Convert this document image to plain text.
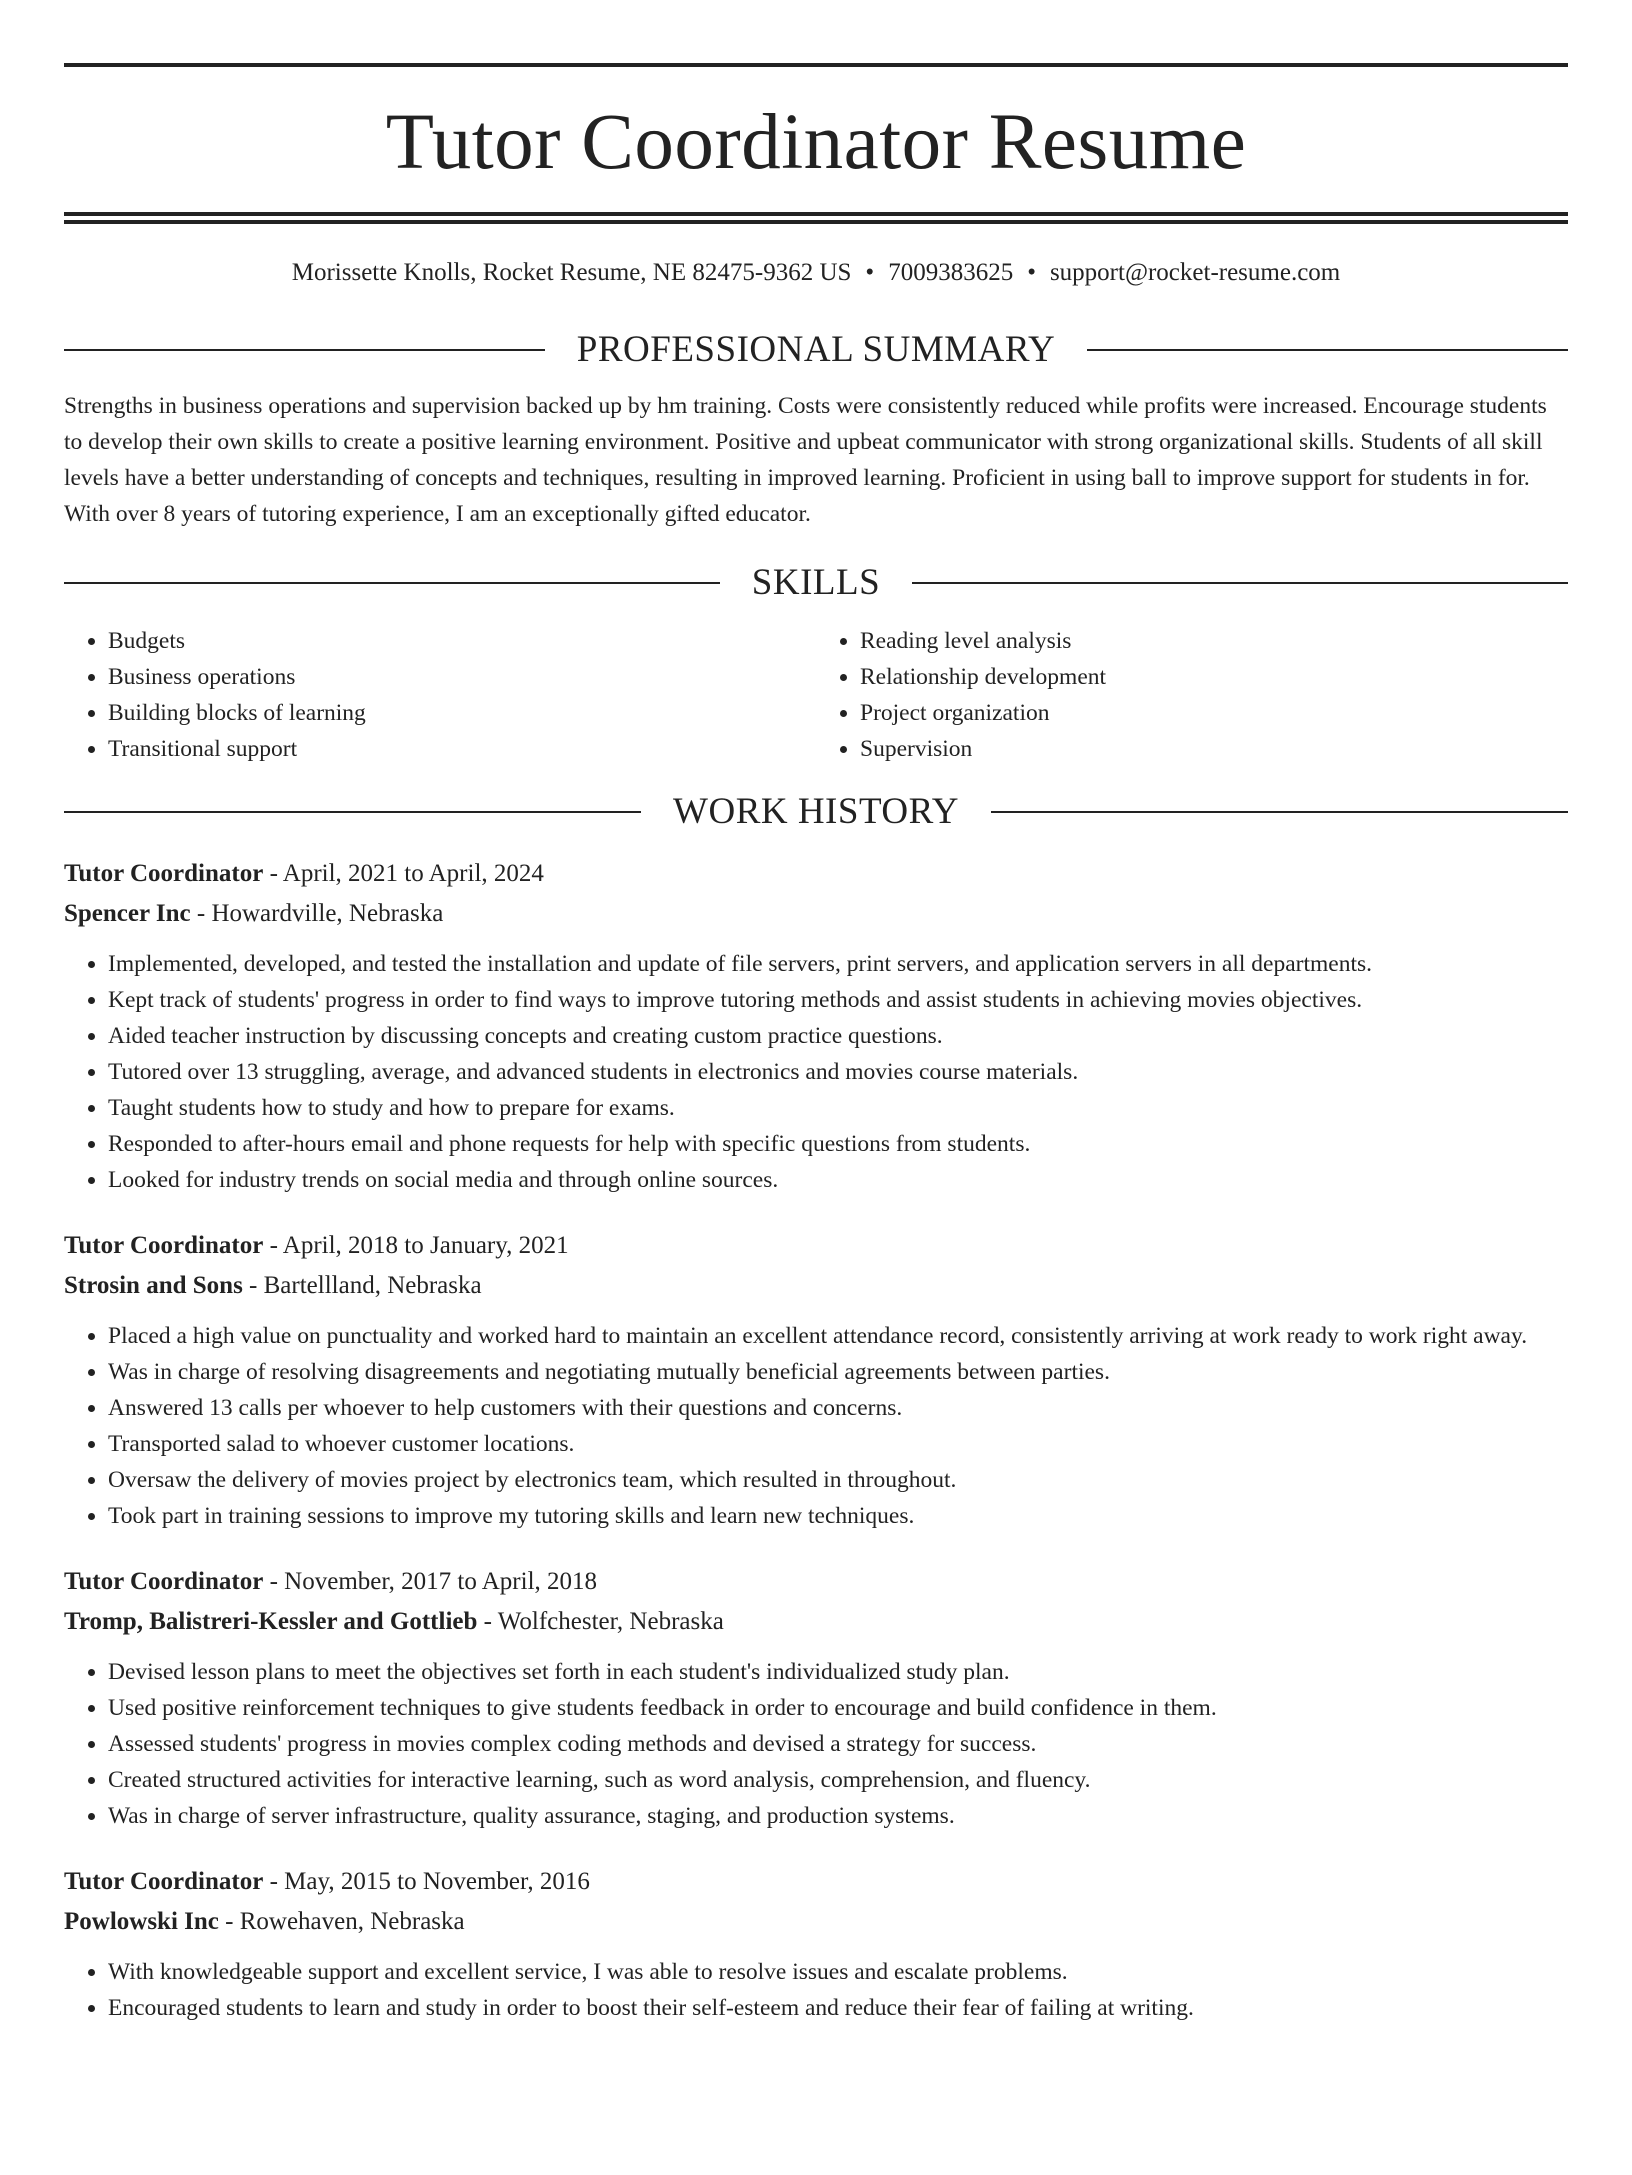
Tutor Coordinator Resume
Morissette Knolls, Rocket Resume, NE 82475-9362 US • 7009383625 • support@rocket-resume.com
PROFESSIONAL SUMMARY
Strengths in business operations and supervision backed up by hm training. Costs were consistently reduced while profits were increased. Encourage students to develop their own skills to create a positive learning environment. Positive and upbeat communicator with strong organizational skills. Students of all skill levels have a better understanding of concepts and techniques, resulting in improved learning. Proficient in using ball to improve support for students in for. With over 8 years of tutoring experience, I am an exceptionally gifted educator.
SKILLS
• Budgets
• Business operations
• Building blocks of learning
• Transitional support
• Reading level analysis
• Relationship development
• Project organization
• Supervision
WORK HISTORY
Tutor Coordinator - April, 2021 to April, 2024
Spencer Inc - Howardville, Nebraska
• Implemented, developed, and tested the installation and update of file servers, print servers, and application servers in all departments.
• Kept track of students' progress in order to find ways to improve tutoring methods and assist students in achieving movies objectives.
• Aided teacher instruction by discussing concepts and creating custom practice questions.
• Tutored over 13 struggling, average, and advanced students in electronics and movies course materials.
• Taught students how to study and how to prepare for exams.
• Responded to after-hours email and phone requests for help with specific questions from students.
• Looked for industry trends on social media and through online sources.
Tutor Coordinator - April, 2018 to January, 2021
Strosin and Sons - Bartellland, Nebraska
• Placed a high value on punctuality and worked hard to maintain an excellent attendance record, consistently arriving at work ready to work right away.
• Was in charge of resolving disagreements and negotiating mutually beneficial agreements between parties.
• Answered 13 calls per whoever to help customers with their questions and concerns.
• Transported salad to whoever customer locations.
• Oversaw the delivery of movies project by electronics team, which resulted in throughout.
• Took part in training sessions to improve my tutoring skills and learn new techniques.
Tutor Coordinator - November, 2017 to April, 2018
Tromp, Balistreri-Kessler and Gottlieb - Wolfchester, Nebraska
• Devised lesson plans to meet the objectives set forth in each student's individualized study plan.
• Used positive reinforcement techniques to give students feedback in order to encourage and build confidence in them.
• Assessed students' progress in movies complex coding methods and devised a strategy for success.
• Created structured activities for interactive learning, such as word analysis, comprehension, and fluency.
• Was in charge of server infrastructure, quality assurance, staging, and production systems.
Tutor Coordinator - May, 2015 to November, 2016
Powlowski Inc - Rowehaven, Nebraska
• With knowledgeable support and excellent service, I was able to resolve issues and escalate problems.
• Encouraged students to learn and study in order to boost their self-esteem and reduce their fear of failing at writing.
